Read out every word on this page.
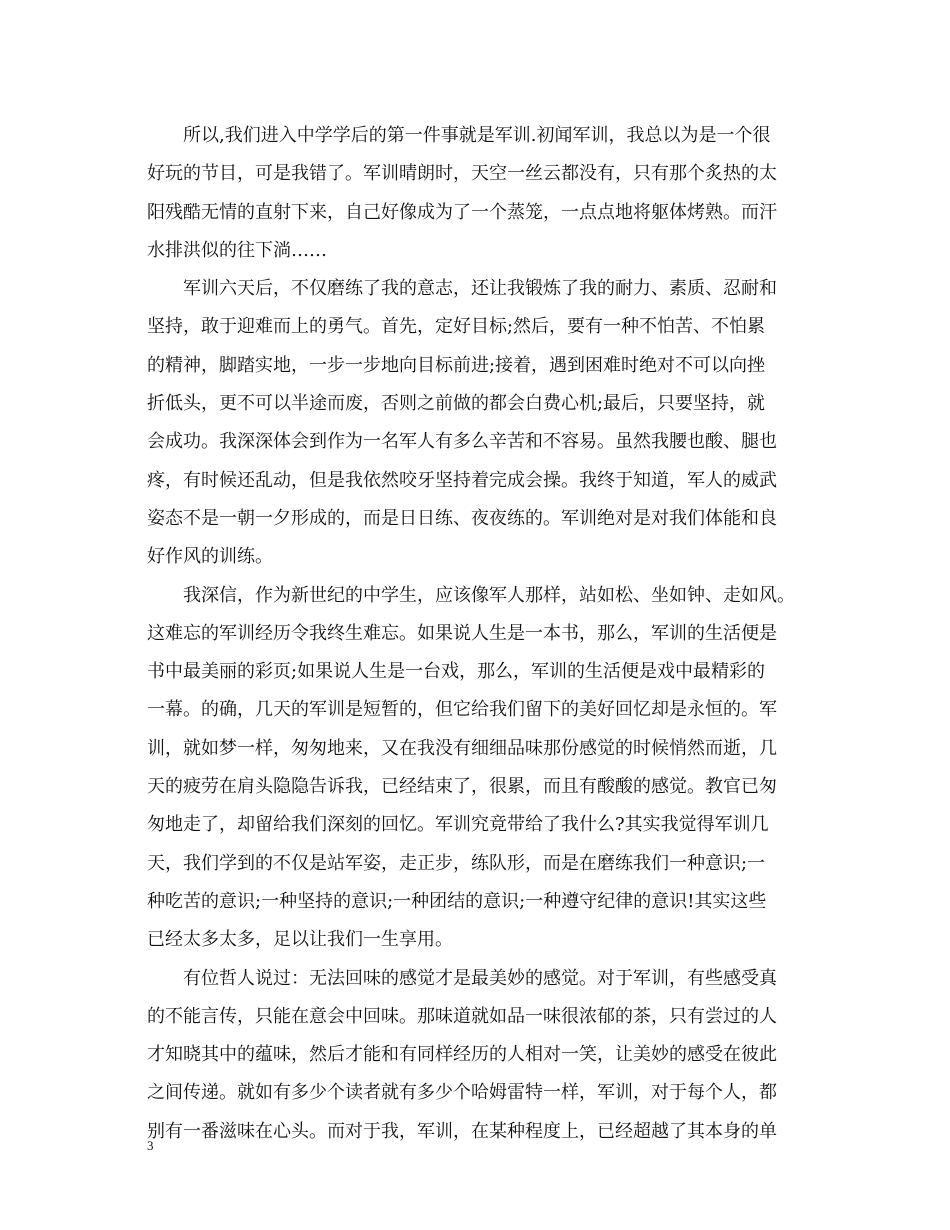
所以,我们进入中学学后的第一件事就是军训.初闻军训，我总以为是一个很
好玩的节目，可是我错了。军训晴朗时，天空一丝云都没有，只有那个炙热的太
阳残酷无情的直射下来，自己好像成为了一个蒸笼，一点点地将躯体烤熟。而汗
水排洪似的往下淌……
军训六天后，不仅磨练了我的意志，还让我锻炼了我的耐力、素质、忍耐和
坚持，敢于迎难而上的勇气。首先，定好目标;然后，要有一种不怕苦、不怕累
的精神，脚踏实地，一步一步地向目标前进;接着，遇到困难时绝对不可以向挫
折低头，更不可以半途而废，否则之前做的都会白费心机;最后，只要坚持，就
会成功。我深深体会到作为一名军人有多么辛苦和不容易。虽然我腰也酸、腿也
疼，有时候还乱动，但是我依然咬牙坚持着完成会操。我终于知道，军人的威武
姿态不是一朝一夕形成的，而是日日练、夜夜练的。军训绝对是对我们体能和良
好作风的训练。
我深信，作为新世纪的中学生，应该像军人那样，站如松、坐如钟、走如风。
这难忘的军训经历令我终生难忘。如果说人生是一本书，那么，军训的生活便是
书中最美丽的彩页;如果说人生是一台戏，那么，军训的生活便是戏中最精彩的
一幕。的确，几天的军训是短暂的，但它给我们留下的美好回忆却是永恒的。军
训，就如梦一样，匆匆地来，又在我没有细细品味那份感觉的时候悄然而逝，几
天的疲劳在肩头隐隐告诉我，已经结束了，很累，而且有酸酸的感觉。教官已匆
匆地走了，却留给我们深刻的回忆。军训究竟带给了我什么?其实我觉得军训几
天，我们学到的不仅是站军姿，走正步，练队形，而是在磨练我们一种意识;一
种吃苦的意识;一种坚持的意识;一种团结的意识;一种遵守纪律的意识!其实这些
已经太多太多，足以让我们一生享用。
有位哲人说过：无法回味的感觉才是最美妙的感觉。对于军训，有些感受真
的不能言传，只能在意会中回味。那味道就如品一味很浓郁的茶，只有尝过的人
才知晓其中的蕴味，然后才能和有同样经历的人相对一笑，让美妙的感受在彼此
之间传递。就如有多少个读者就有多少个哈姆雷特一样，军训，对于每个人，都
别有一番滋味在心头。而对于我，军训，在某种程度上，已经超越了其本身的单
3
